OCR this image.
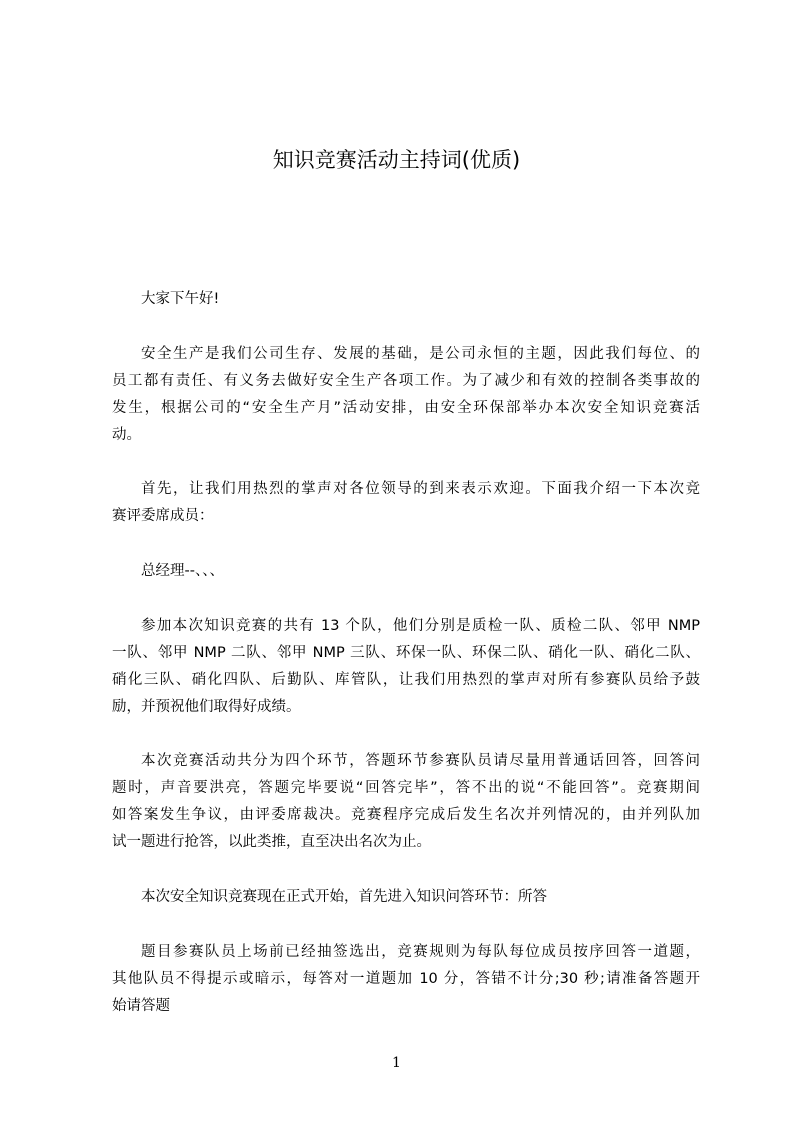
知识竞赛活动主持词(优质)
大家下午好!
安全生产是我们公司生存、发展的基础，是公司永恒的主题，因此我们每位、的
员工都有责任、有义务去做好安全生产各项工作。为了减少和有效的控制各类事故的
发生，根据公司的“安全生产月”活动安排，由安全环保部举办本次安全知识竞赛活
动。
首先，让我们用热烈的掌声对各位领导的到来表示欢迎。下面我介绍一下本次竞
赛评委席成员：
总经理--、、、
参加本次知识竞赛的共有 13 个队，他们分别是质检一队、质检二队、邻甲 NMP
一队、邻甲 NMP 二队、邻甲 NMP 三队、环保一队、环保二队、硝化一队、硝化二队、
硝化三队、硝化四队、后勤队、库管队，让我们用热烈的掌声对所有参赛队员给予鼓
励，并预祝他们取得好成绩。
本次竞赛活动共分为四个环节，答题环节参赛队员请尽量用普通话回答，回答问
题时，声音要洪亮，答题完毕要说“回答完毕”，答不出的说“不能回答”。竞赛期间
如答案发生争议，由评委席裁决。竞赛程序完成后发生名次并列情况的，由并列队加
试一题进行抢答，以此类推，直至决出名次为止。
本次安全知识竞赛现在正式开始，首先进入知识问答环节：所答
题目参赛队员上场前已经抽签选出，竞赛规则为每队每位成员按序回答一道题，
其他队员不得提示或暗示，每答对一道题加 10 分，答错不计分;30 秒;请准备答题开
始请答题
1
